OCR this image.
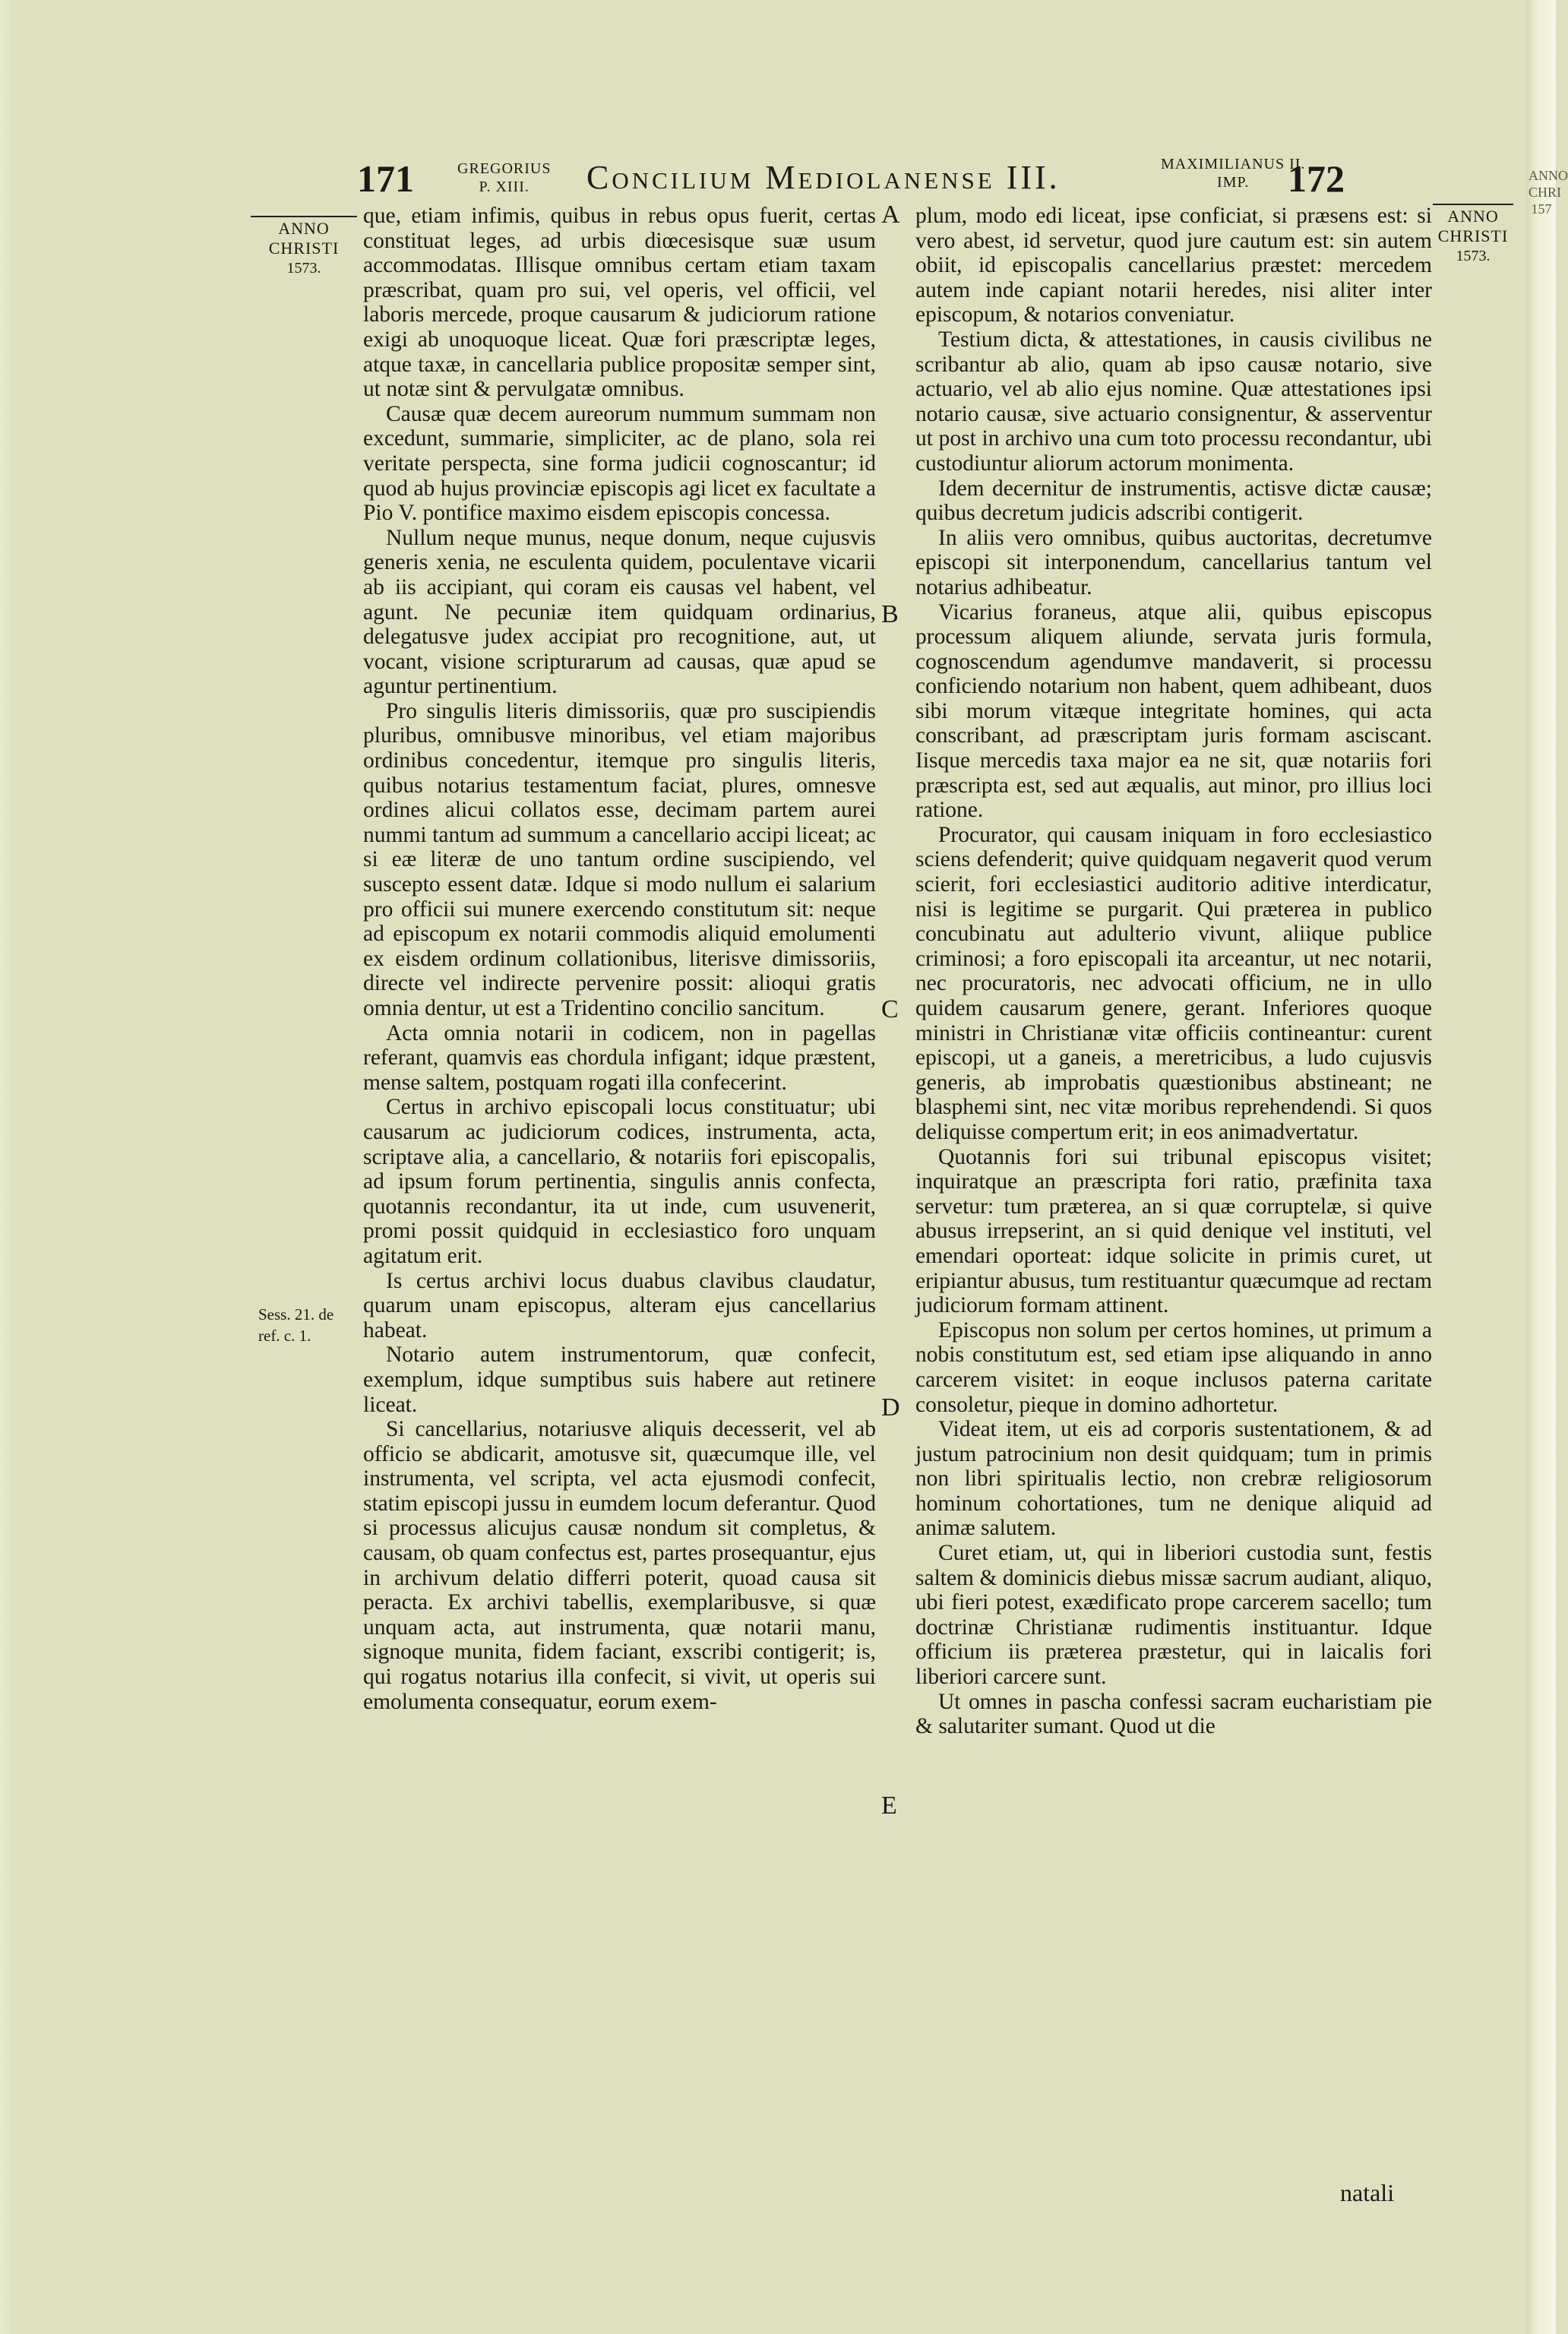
ANNO CHRI 157
171	GREGORIUS
P. XIII.	Concilium Mediolanense III.	MAXIMILIANUS II.
IMP.	172
ANNO
CHRISTI
1573.
ANNO
CHRISTI
1573.
Sess. 21. de
ref. c. 1.
A
B
C
D
E

que, etiam infimis, quibus in rebus opus fuerit, certas constituat leges, ad urbis diœcesisque suæ usum accommodatas. Illisque omnibus certam etiam taxam præscribat, quam pro sui, vel operis, vel officii, vel laboris mercede, proque causarum & judiciorum ratione exigi ab unoquoque liceat. Quæ fori præscriptæ leges, atque taxæ, in cancellaria publice propositæ semper sint, ut notæ sint & pervulgatæ omnibus.

Causæ quæ decem aureorum nummum summam non excedunt, summarie, simpliciter, ac de plano, sola rei veritate perspecta, sine forma judicii cognoscantur; id quod ab hujus provinciæ episcopis agi licet ex facultate a Pio V. pontifice maximo eisdem episcopis concessa.

Nullum neque munus, neque donum, neque cujusvis generis xenia, ne esculenta quidem, poculentave vicarii ab iis accipiant, qui coram eis causas vel habent, vel agunt. Ne pecuniæ item quidquam ordinarius, delegatusve judex accipiat pro recognitione, aut, ut vocant, visione scripturarum ad causas, quæ apud se aguntur pertinentium.

Pro singulis literis dimissoriis, quæ pro suscipiendis pluribus, omnibusve minoribus, vel etiam majoribus ordinibus concedentur, itemque pro singulis literis, quibus notarius testamentum faciat, plures, omnesve ordines alicui collatos esse, decimam partem aurei nummi tantum ad summum a cancellario accipi liceat; ac si eæ literæ de uno tantum ordine suscipiendo, vel suscepto essent datæ. Idque si modo nullum ei salarium pro officii sui munere exercendo constitutum sit: neque ad episcopum ex notarii commodis aliquid emolumenti ex eisdem ordinum collationibus, literisve dimissoriis, directe vel indirecte pervenire possit: alioqui gratis omnia dentur, ut est a Tridentino concilio sancitum.

Acta omnia notarii in codicem, non in pagellas referant, quamvis eas chordula infigant; idque præstent, mense saltem, postquam rogati illa confecerint.

Certus in archivo episcopali locus constituatur; ubi causarum ac judiciorum codices, instrumenta, acta, scriptave alia, a cancellario, & notariis fori episcopalis, ad ipsum forum pertinentia, singulis annis confecta, quotannis recondantur, ita ut inde, cum usuvenerit, promi possit quidquid in ecclesiastico foro unquam agitatum erit.

Is certus archivi locus duabus clavibus claudatur, quarum unam episcopus, alteram ejus cancellarius habeat.

Notario autem instrumentorum, quæ confecit, exemplum, idque sumptibus suis habere aut retinere liceat.

Si cancellarius, notariusve aliquis decesserit, vel ab officio se abdicarit, amotusve sit, quæcumque ille, vel instrumenta, vel scripta, vel acta ejusmodi confecit, statim episcopi jussu in eumdem locum deferantur. Quod si processus alicujus causæ nondum sit completus, & causam, ob quam confectus est, partes prosequantur, ejus in archivum delatio differri poterit, quoad causa sit peracta. Ex archivi tabellis, exemplaribusve, si quæ unquam acta, aut instrumenta, quæ notarii manu, signoque munita, fidem faciant, exscribi contigerit; is, qui rogatus notarius illa confecit, si vivit, ut operis sui emolumenta consequatur, eorum exem-

plum, modo edi liceat, ipse conficiat, si præsens est: si vero abest, id servetur, quod jure cautum est: sin autem obiit, id episcopalis cancellarius præstet: mercedem autem inde capiant notarii heredes, nisi aliter inter episcopum, & notarios conveniatur.

Testium dicta, & attestationes, in causis civilibus ne scribantur ab alio, quam ab ipso causæ notario, sive actuario, vel ab alio ejus nomine. Quæ attestationes ipsi notario causæ, sive actuario consignentur, & asserventur ut post in archivo una cum toto processu recondantur, ubi custodiuntur aliorum actorum monimenta.

Idem decernitur de instrumentis, actisve dictæ causæ; quibus decretum judicis adscribi contigerit.

In aliis vero omnibus, quibus auctoritas, decretumve episcopi sit interponendum, cancellarius tantum vel notarius adhibeatur.

Vicarius foraneus, atque alii, quibus episcopus processum aliquem aliunde, servata juris formula, cognoscendum agendumve mandaverit, si processu conficiendo notarium non habent, quem adhibeant, duos sibi morum vitæque integritate homines, qui acta conscribant, ad præscriptam juris formam asciscant. Iisque mercedis taxa major ea ne sit, quæ notariis fori præscripta est, sed aut æqualis, aut minor, pro illius loci ratione.

Procurator, qui causam iniquam in foro ecclesiastico sciens defenderit; quive quidquam negaverit quod verum scierit, fori ecclesiastici auditorio aditive interdicatur, nisi is legitime se purgarit. Qui præterea in publico concubinatu aut adulterio vivunt, aliique publice criminosi; a foro episcopali ita arceantur, ut nec notarii, nec procuratoris, nec advocati officium, ne in ullo quidem causarum genere, gerant. Inferiores quoque ministri in Christianæ vitæ officiis contineantur: curent episcopi, ut a ganeis, a meretricibus, a ludo cujusvis generis, ab improbatis quæstionibus abstineant; ne blasphemi sint, nec vitæ moribus reprehendendi. Si quos deliquisse compertum erit; in eos animadvertatur.

Quotannis fori sui tribunal episcopus visitet; inquiratque an præscripta fori ratio, præfinita taxa servetur: tum præterea, an si quæ corruptelæ, si quive abusus irrepserint, an si quid denique vel instituti, vel emendari oporteat: idque solicite in primis curet, ut eripiantur abusus, tum restituantur quæcumque ad rectam judiciorum formam attinent.

Episcopus non solum per certos homines, ut primum a nobis constitutum est, sed etiam ipse aliquando in anno carcerem visitet: in eoque inclusos paterna caritate consoletur, pieque in domino adhortetur.

Videat item, ut eis ad corporis sustentationem, & ad justum patrocinium non desit quidquam; tum in primis non libri spiritualis lectio, non crebræ religiosorum hominum cohortationes, tum ne denique aliquid ad animæ salutem.

Curet etiam, ut, qui in liberiori custodia sunt, festis saltem & dominicis diebus missæ sacrum audiant, aliquo, ubi fieri potest, exædificato prope carcerem sacello; tum doctrinæ Christianæ rudimentis instituantur. Idque officium iis præterea præstetur, qui in laicalis fori liberiori carcere sunt.

Ut omnes in pascha confessi sacram eucharistiam pie & salutariter sumant. Quod ut die

natali
